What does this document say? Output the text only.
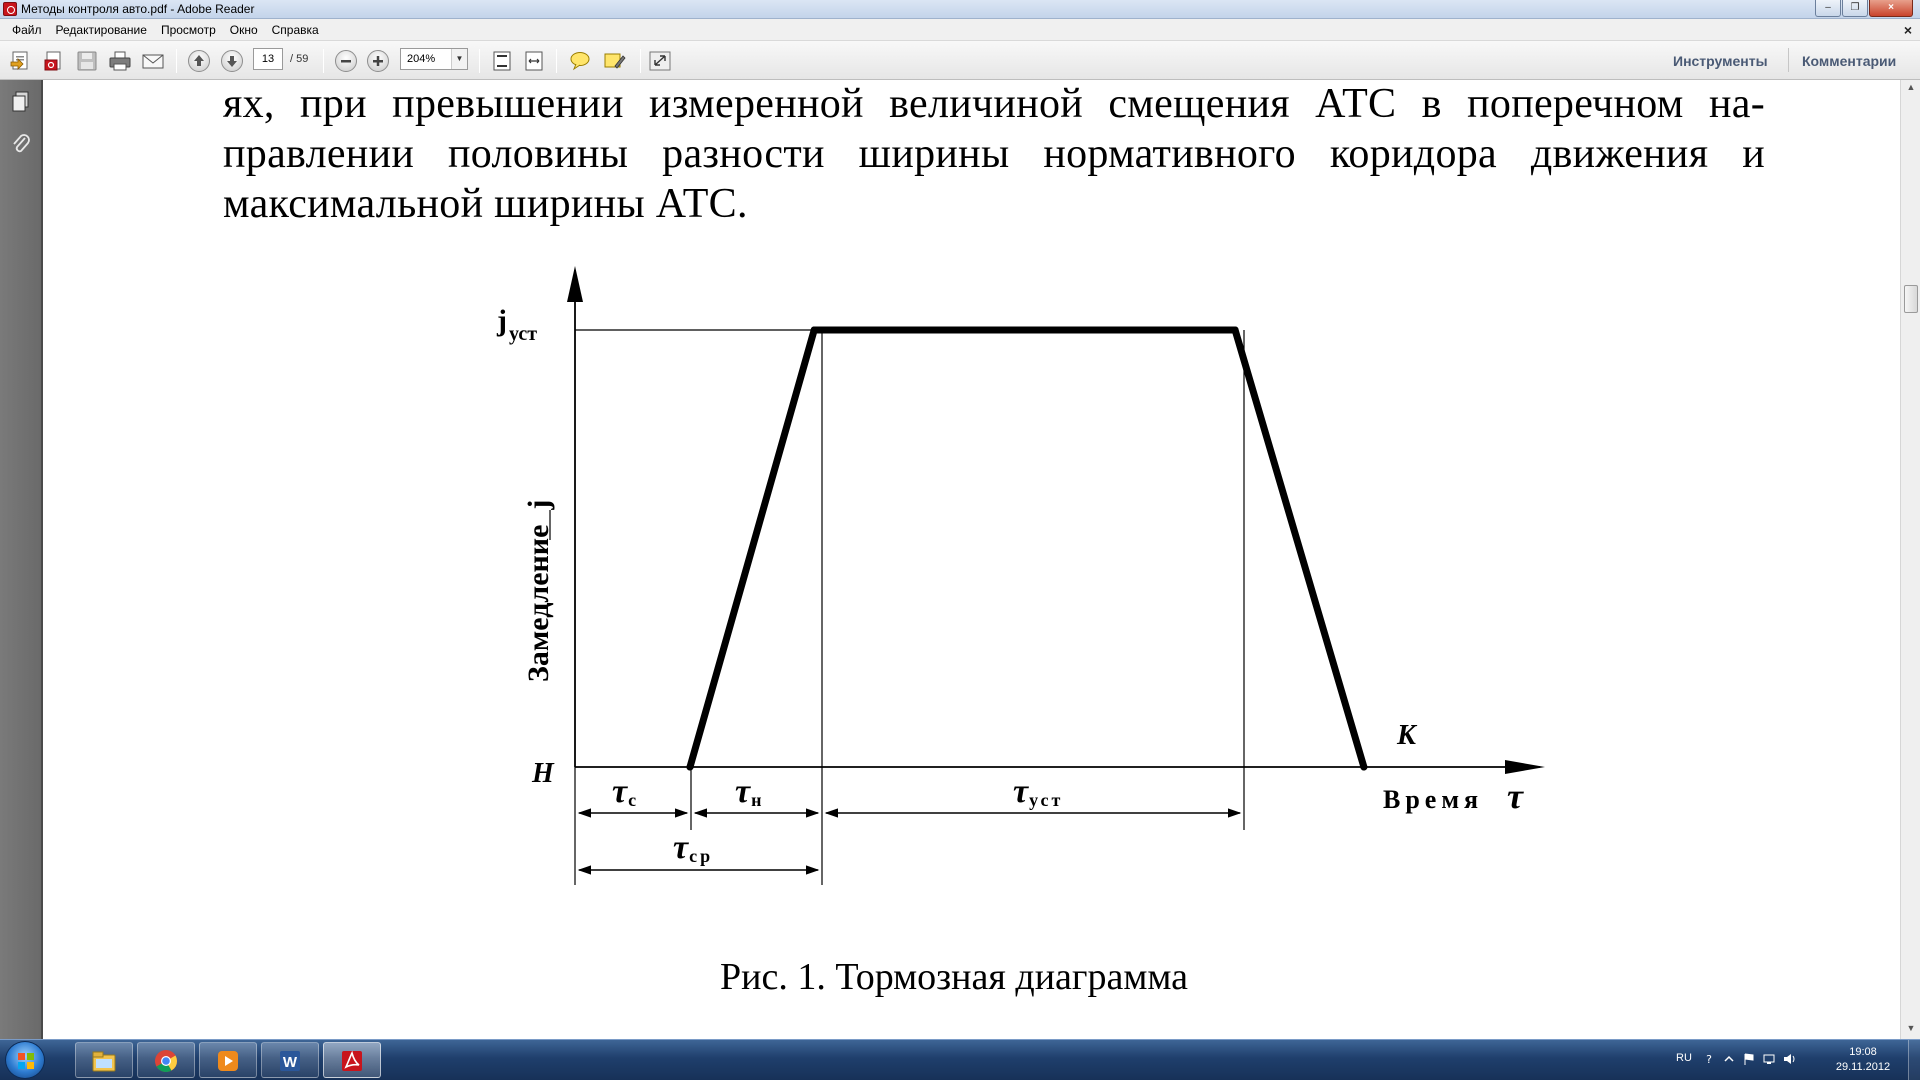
Методы контроля авто.pdf - Adobe Reader	‒	❐	×
Файл	Редактирование	Просмотр	Окно	Справка	×
13
/ 59	204%	▼	Инструменты Комментарии
ях, при превышении измеренной величиной смещения АТС в поперечном на-
правлении половины разности ширины нормативного коридора движения и
максимальной ширины АТС.
j $_{уст}$
Замедление  j
Н
К
Время τ
τс	τн	τуст
τср
Рис. 1. Тормозная диаграмма
▲
▼
W	RU ?
19:08
29.11.2012
